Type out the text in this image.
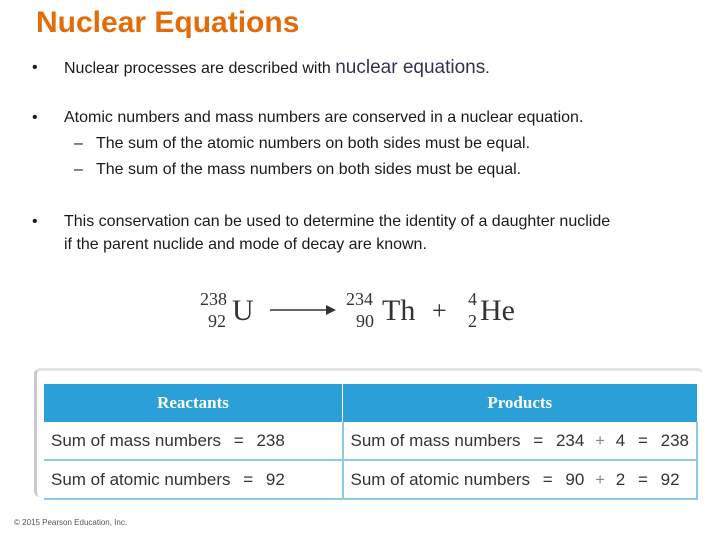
Nuclear Equations
•	Nuclear processes are described with nuclear equations.
•	Atomic numbers and mass numbers are conserved in a nuclear equation.
– The sum of the atomic numbers on both sides must be equal.
– The sum of the mass numbers on both sides must be equal.
•	This conservation can be used to determine the identity of a daughter nuclide
if the parent nuclide and mode of decay are known.
238
92 U	234
90 Th + 4
2 He
Reactants	Products
Sum of mass numbers = 238	Sum of mass numbers = 234 + 4 = 238
Sum of atomic numbers = 92	Sum of atomic numbers = 90 + 2 = 92
© 2015 Pearson Education, Inc.
